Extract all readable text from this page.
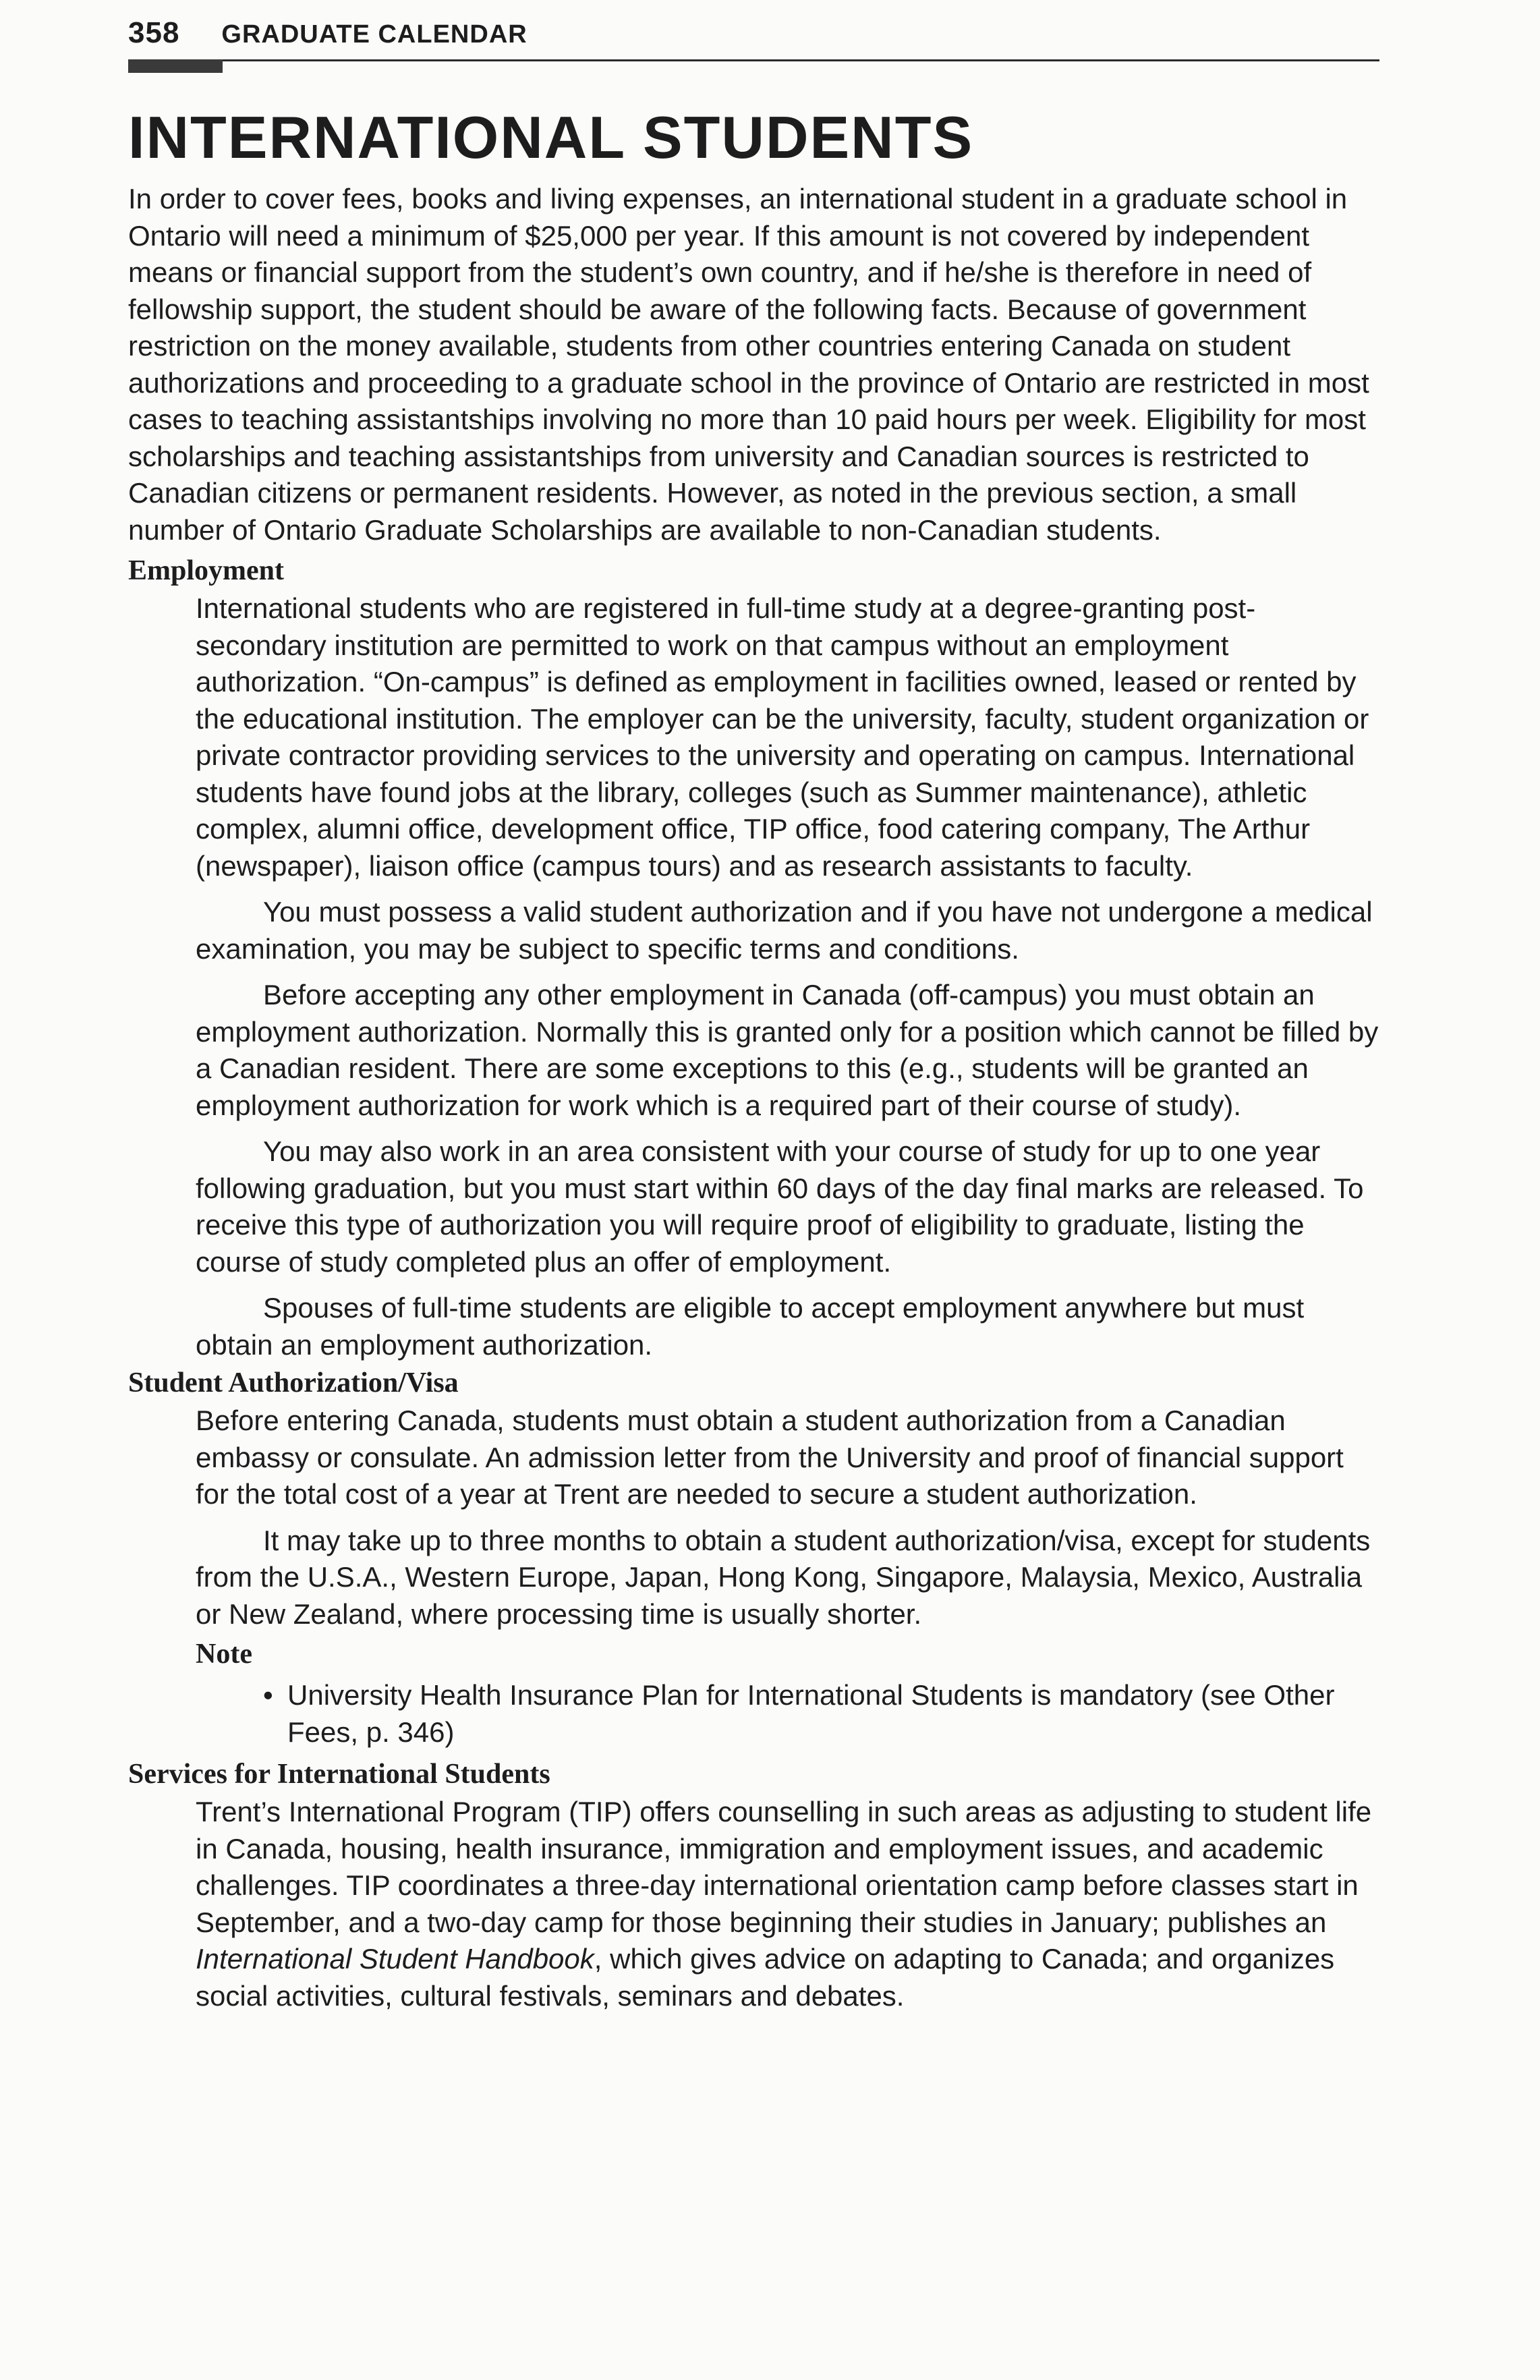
358 GRADUATE CALENDAR
INTERNATIONAL STUDENTS

In order to cover fees, books and living expenses, an international student in a graduate school in Ontario will need a minimum of $25,000 per year. If this amount is not covered by independent means or financial support from the student’s own country, and if he/she is therefore in need of fellowship support, the student should be aware of the following facts. Because of government restriction on the money available, students from other countries entering Canada on student authorizations and proceeding to a graduate school in the province of Ontario are restricted in most cases to teaching assistantships involving no more than 10 paid hours per week. Eligibility for most scholarships and teaching assistantships from university and Canadian sources is restricted to Canadian citizens or permanent residents. However, as noted in the previous section, a small number of Ontario Graduate Scholarships are available to non-Canadian students.

Employment

International students who are registered in full-time study at a degree-granting post-secondary institution are permitted to work on that campus without an employment authorization. “On-campus” is defined as employment in facilities owned, leased or rented by the educational institution. The employer can be the university, faculty, student organization or private contractor providing services to the university and operating on campus. International students have found jobs at the library, colleges (such as Summer maintenance), athletic complex, alumni office, development office, TIP office, food catering company, The Arthur (newspaper), liaison office (campus tours) and as research assistants to faculty.

You must possess a valid student authorization and if you have not undergone a medical examination, you may be subject to specific terms and conditions.

Before accepting any other employment in Canada (off-campus) you must obtain an employment authorization. Normally this is granted only for a position which cannot be filled by a Canadian resident. There are some exceptions to this (e.g., students will be granted an employment authorization for work which is a required part of their course of study).

You may also work in an area consistent with your course of study for up to one year following graduation, but you must start within 60 days of the day final marks are released. To receive this type of authorization you will require proof of eligibility to graduate, listing the course of study completed plus an offer of employment.

Spouses of full-time students are eligible to accept employment anywhere but must obtain an employment authorization.

Student Authorization/Visa

Before entering Canada, students must obtain a student authorization from a Canadian embassy or consulate. An admission letter from the University and proof of financial support for the total cost of a year at Trent are needed to secure a student authorization.

It may take up to three months to obtain a student authorization/visa, except for students from the U.S.A., Western Europe, Japan, Hong Kong, Singapore, Malaysia, Mexico, Australia or New Zealand, where processing time is usually shorter.

Note
• University Health Insurance Plan for International Students is mandatory (see Other Fees, p. 346)
Services for International Students

Trent’s International Program (TIP) offers counselling in such areas as adjusting to student life in Canada, housing, health insurance, immigration and employment issues, and academic challenges. TIP coordinates a three-day international orientation camp before classes start in September, and a two-day camp for those beginning their studies in January; publishes an International Student Handbook, which gives advice on adapting to Canada; and organizes social activities, cultural festivals, seminars and debates.
